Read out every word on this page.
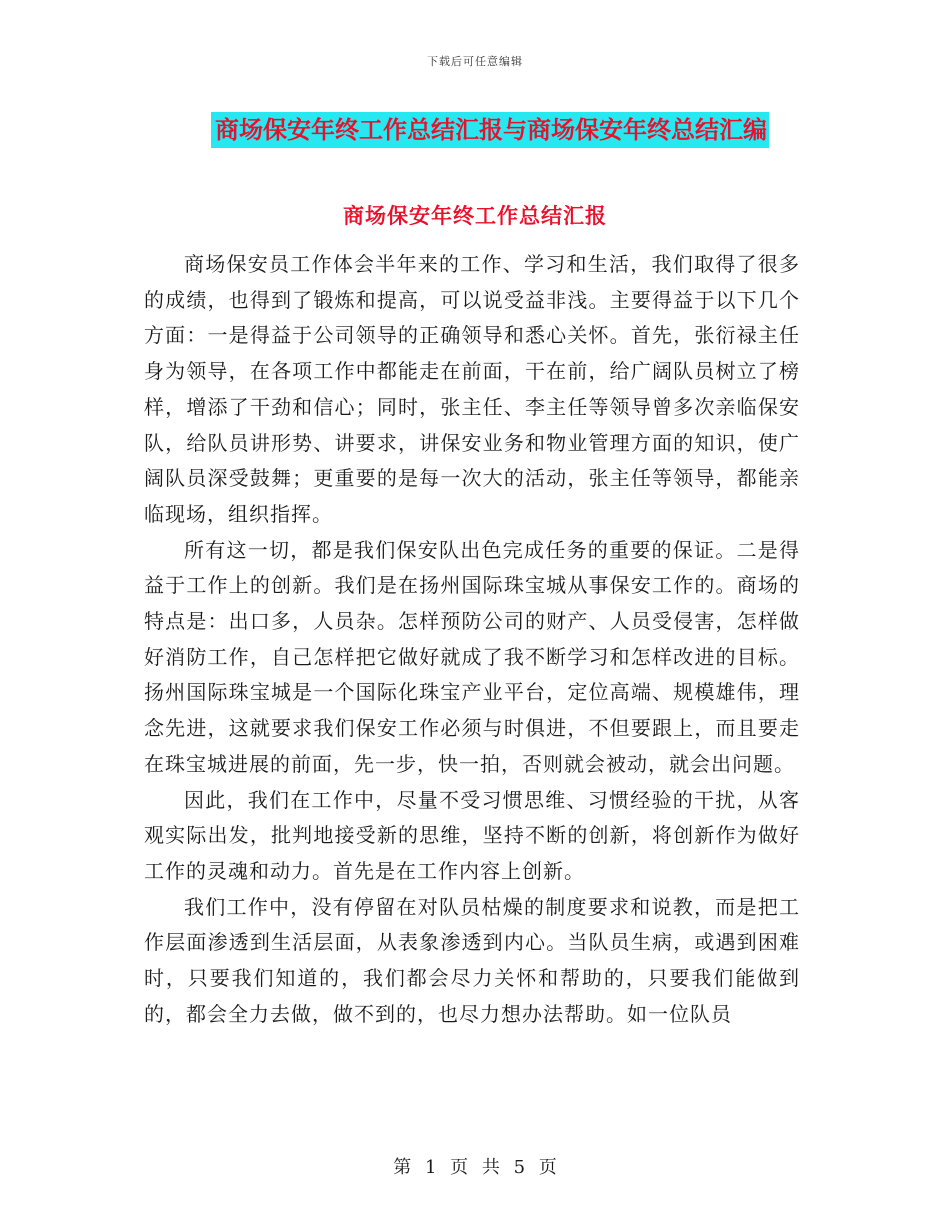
下载后可任意编辑
商场保安年终工作总结汇报与商场保安年终总结汇编
商场保安年终工作总结汇报

商场保安员工作体会半年来的工作、学习和生活，我们取得了很多的成绩，也得到了锻炼和提高，可以说受益非浅。主要得益于以下几个方面：一是得益于公司领导的正确领导和悉心关怀。首先，张衍禄主任身为领导，在各项工作中都能走在前面，干在前，给广阔队员树立了榜样，增添了干劲和信心；同时，张主任、李主任等领导曾多次亲临保安队，给队员讲形势、讲要求，讲保安业务和物业管理方面的知识，使广阔队员深受鼓舞；更重要的是每一次大的活动，张主任等领导，都能亲临现场，组织指挥。

所有这一切，都是我们保安队出色完成任务的重要的保证。二是得益于工作上的创新。我们是在扬州国际珠宝城从事保安工作的。商场的特点是：出口多，人员杂。怎样预防公司的财产、人员受侵害，怎样做好消防工作，自己怎样把它做好就成了我不断学习和怎样改进的目标。扬州国际珠宝城是一个国际化珠宝产业平台，定位高端、规模雄伟，理念先进，这就要求我们保安工作必须与时俱进，不但要跟上，而且要走在珠宝城进展的前面，先一步，快一拍，否则就会被动，就会出问题。

因此，我们在工作中，尽量不受习惯思维、习惯经验的干扰，从客观实际出发，批判地接受新的思维，坚持不断的创新，将创新作为做好工作的灵魂和动力。首先是在工作内容上创新。

我们工作中，没有停留在对队员枯燥的制度要求和说教，而是把工作层面渗透到生活层面，从表象渗透到内心。当队员生病，或遇到困难时，只要我们知道的，我们都会尽力关怀和帮助的，只要我们能做到的，都会全力去做，做不到的，也尽力想办法帮助。如一位队员

第 1 页 共 5 页
